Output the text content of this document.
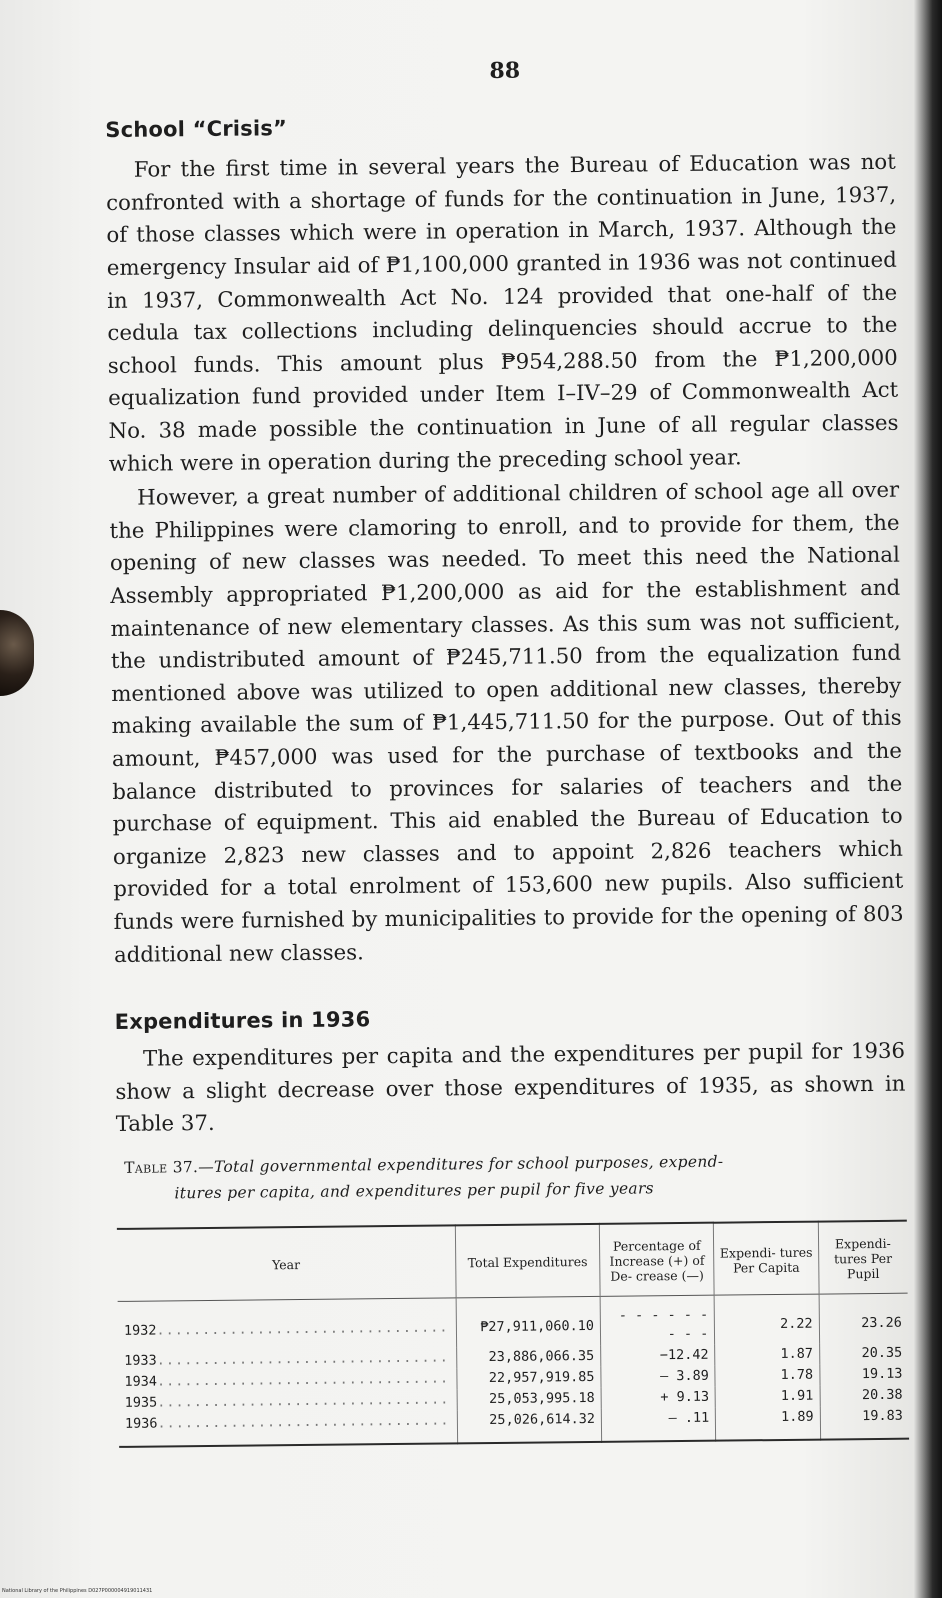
88
School “Crisis”

For the first time in several years the Bureau of Education was not confronted with a shortage of funds for the continuation in June, 1937, of those classes which were in operation in March, 1937. Although the emergency Insular aid of ₱1,100,000 granted in 1936 was not continued in 1937, Commonwealth Act No. 124 provided that one-half of the cedula tax collections including delinquencies should accrue to the school funds. This amount plus ₱954,288.50 from the ₱1,200,000 equalization fund provided under Item I–IV–29 of Commonwealth Act No. 38 made possible the continuation in June of all regular classes which were in operation during the preceding school year.

However, a great number of additional children of school age all over the Philippines were clamoring to enroll, and to provide for them, the opening of new classes was needed. To meet this need the National Assembly appropriated ₱1,200,000 as aid for the establishment and maintenance of new elementary classes. As this sum was not sufficient, the undistributed amount of ₱245,711.50 from the equalization fund mentioned above was utilized to open additional new classes, thereby making available the sum of ₱1,445,711.50 for the purpose. Out of this amount, ₱457,000 was used for the purchase of textbooks and the balance distributed to provinces for salaries of teachers and the purchase of equipment. This aid enabled the Bureau of Education to organize 2,823 new classes and to appoint 2,826 teachers which provided for a total enrolment of 153,600 new pupils. Also sufficient funds were furnished by municipalities to provide for the opening of 803 additional new classes.

Expenditures in 1936

The expenditures per capita and the expenditures per pupil for 1936 show a slight decrease over those expenditures of 1935, as shown in Table 37.

Table 37.—Total governmental expenditures for school purposes, expend-
itures per capita, and expenditures per pupil for five years
Year	Total Expenditures	Percentage of Increase (+) of De- crease (—)	Expendi- tures Per Capita	Expendi- tures Per Pupil
1932................................	₱27,911,060.10	- - - - - - - - -	2.22	23.26
1933................................	23,886,066.35	−12.42	1.87	20.35
1934................................	22,957,919.85	— 3.89	1.78	19.13
1935................................	25,053,995.18	+ 9.13	1.91	20.38
1936................................	25,026,614.32	— .11	1.89	19.83
National Library of the Philippines D027P000004919011431
